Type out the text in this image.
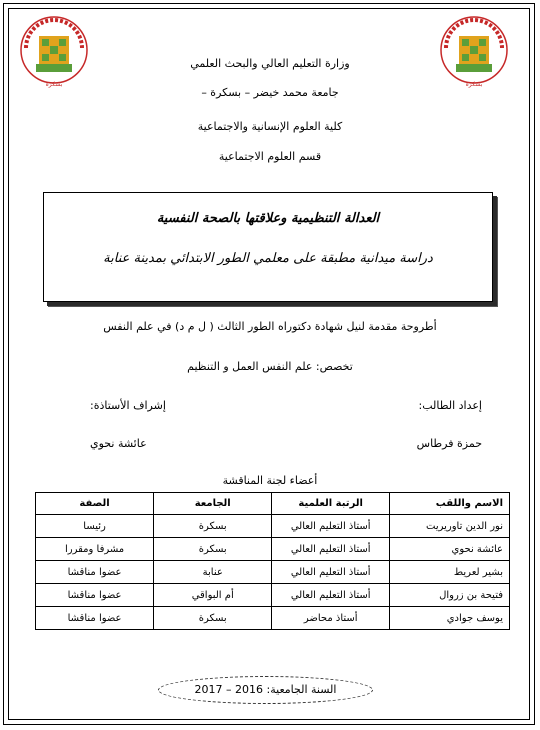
بسكرة	بسكرة
وزارة التعليم العالي والبحث العلمي
جامعة محمد خيضر – بسكرة –
كلية العلوم الإنسانية والاجتماعية
قسم العلوم الاجتماعية
العدالة التنظيمية وعلاقتها بالصحة النفسية
دراسة ميدانية مطبقة على معلمي الطور الابتدائي بمدينة عنابة
أطروحة مقدمة لنيل شهادة دكتوراه الطور الثالث ( ل م د) في علم النفس
تخصص: علم النفس العمل و التنظيم
إعداد الطالب:
إشراف الأستاذة:
حمزة فرطاس
عائشة نحوي
أعضاء لجنة المناقشة
الاسم واللقب	الرتبة العلمية	الجامعة	الصفة
نور الدين تاوريريت	أستاذ التعليم العالي	بسكرة	رئيسا
عائشة نحوي	أستاذ التعليم العالي	بسكرة	مشرفا ومقررا
بشير لعريط	أستاذ التعليم العالي	عنابة	عضوا مناقشا
فتيحة بن زروال	أستاذ التعليم العالي	أم البواقي	عضوا مناقشا
يوسف جوادي	أستاذ محاضر	بسكرة	عضوا مناقشا
السنة الجامعية: 2016 – 2017
